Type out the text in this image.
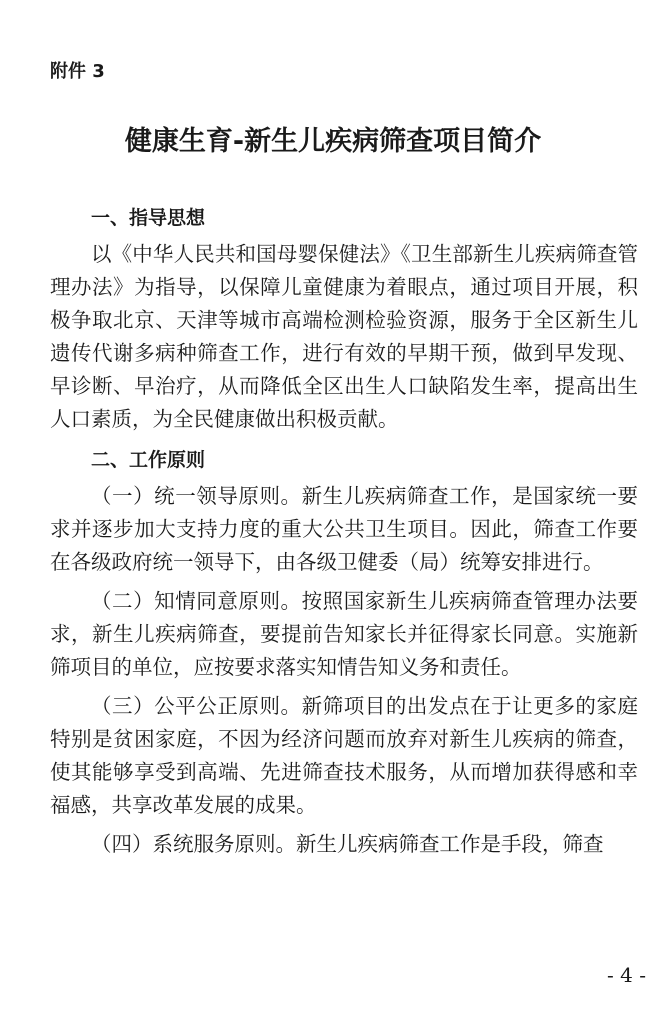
附件 3
健康生育-新生儿疾病筛查项目简介
一、指导思想

以《中华人民共和国母婴保健法》《卫生部新生儿疾病筛查管理办法》为指导，以保障儿童健康为着眼点，通过项目开展，积极争取北京、天津等城市高端检测检验资源，服务于全区新生儿遗传代谢多病种筛查工作，进行有效的早期干预，做到早发现、早诊断、早治疗，从而降低全区出生人口缺陷发生率，提高出生人口素质，为全民健康做出积极贡献。

二、工作原则

（一）统一领导原则。新生儿疾病筛查工作，是国家统一要求并逐步加大支持力度的重大公共卫生项目。因此，筛查工作要在各级政府统一领导下，由各级卫健委（局）统筹安排进行。

（二）知情同意原则。按照国家新生儿疾病筛查管理办法要求，新生儿疾病筛查，要提前告知家长并征得家长同意。实施新筛项目的单位，应按要求落实知情告知义务和责任。

（三）公平公正原则。新筛项目的出发点在于让更多的家庭特别是贫困家庭，不因为经济问题而放弃对新生儿疾病的筛查，使其能够享受到高端、先进筛查技术服务，从而增加获得感和幸福感，共享改革发展的成果。

（四）系统服务原则。新生儿疾病筛查工作是手段，筛查

- 4 -
